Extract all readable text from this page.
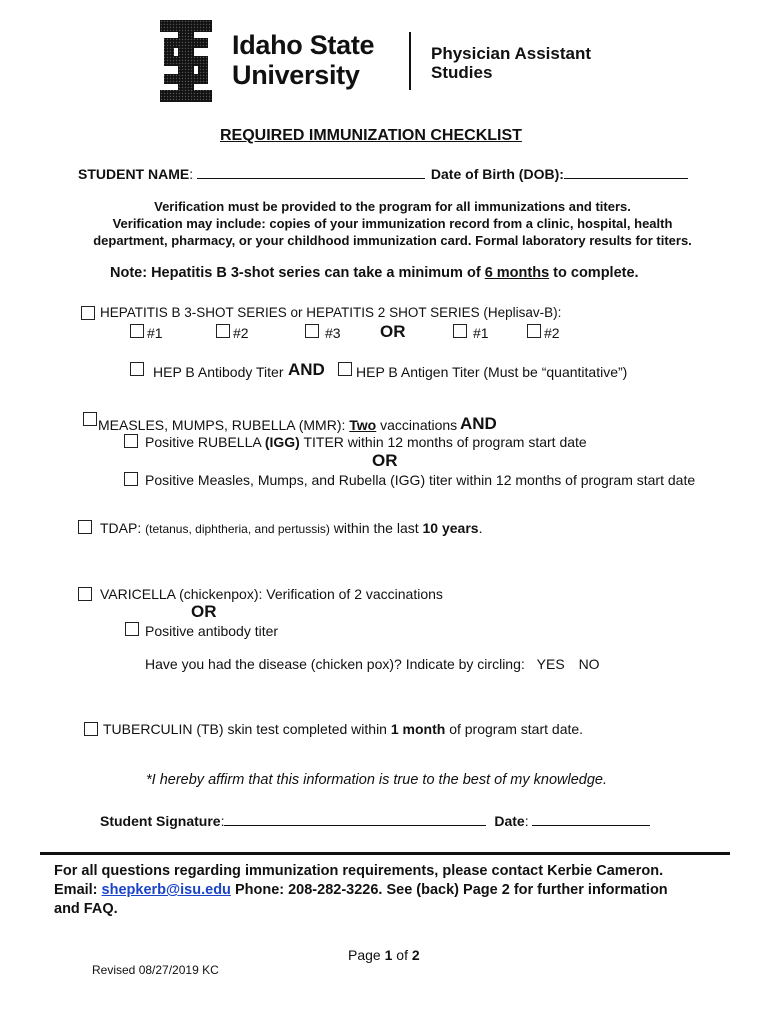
Idaho State
University
Physician Assistant
Studies
REQUIRED IMMUNIZATION CHECKLIST
STUDENT NAME:	Date of Birth (DOB):
Verification must be provided to the program for all immunizations and titers.
Verification may include: copies of your immunization record from a clinic, hospital, health
department, pharmacy, or your childhood immunization card. Formal laboratory results for titers.
Note: Hepatitis B 3-shot series can take a minimum of 6 months to complete.
HEPATITIS B 3-SHOT SERIES or HEPATITIS 2 SHOT SERIES (Heplisav-B):
#1	#2	#3 OR	#1	#2
HEP B Antibody Titer AND HEP B Antigen Titer (Must be “quantitative”)
MEASLES, MUMPS, RUBELLA (MMR): Two vaccinations AND
Positive RUBELLA (IGG) TITER within 12 months of program start date
OR
Positive Measles, Mumps, and Rubella (IGG) titer within 12 months of program start date
TDAP: (tetanus, diphtheria, and pertussis) within the last 10 years.
VARICELLA (chickenpox): Verification of 2 vaccinations
OR
Positive antibody titer
Have you had the disease (chicken pox)? Indicate by circling: YES NO
TUBERCULIN (TB) skin test completed within 1 month of program start date.
*I hereby affirm that this information is true to the best of my knowledge.
Student Signature:	Date:
For all questions regarding immunization requirements, please contact Kerbie Cameron.
Email: shepkerb@isu.edu Phone: 208-282-3226. See (back) Page 2 for further information
and FAQ.
Page 1 of 2
Revised 08/27/2019 KC
